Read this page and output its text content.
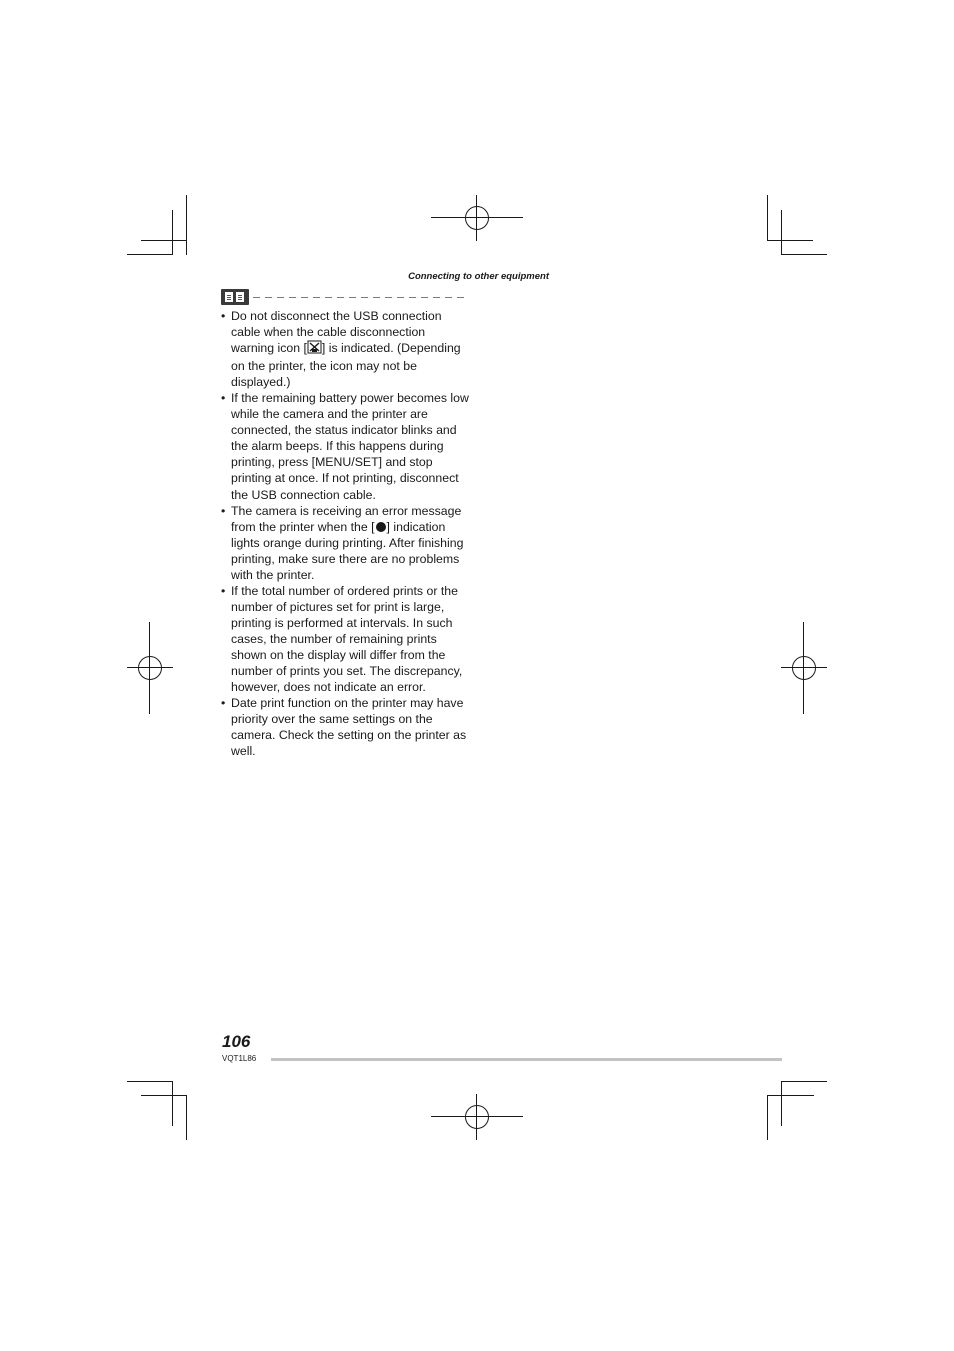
Connecting to other equipment
• Do not disconnect the USB connection cable when the cable disconnection warning icon [ ] is indicated. (Depending on the printer, the icon may not be displayed.)
• If the remaining battery power becomes low while the camera and the printer are connected, the status indicator blinks and the alarm beeps. If this happens during printing, press [MENU/SET] and stop printing at once. If not printing, disconnect the USB connection cable.
• The camera is receiving an error message from the printer when the [ ] indication lights orange during printing. After finishing printing, make sure there are no problems with the printer.
• If the total number of ordered prints or the number of pictures set for print is large, printing is performed at intervals. In such cases, the number of remaining prints shown on the display will differ from the number of prints you set. The discrepancy, however, does not indicate an error.
• Date print function on the printer may have priority over the same settings on the camera. Check the setting on the printer as well.
106
VQT1L86
